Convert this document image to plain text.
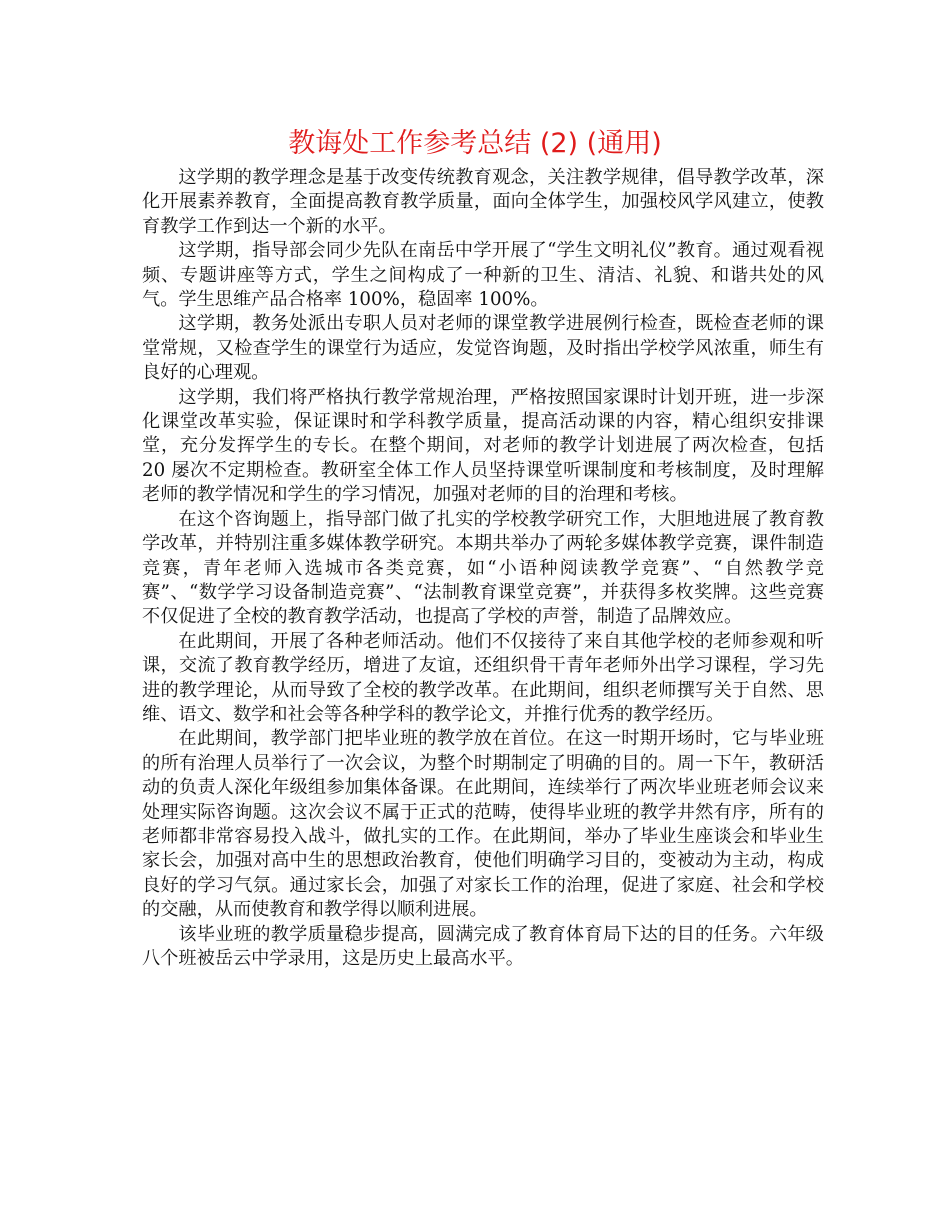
教诲处工作参考总结 (2) (通用)

这学期的教学理念是基于改变传统教育观念，关注教学规律，倡导教学改革，深化开展素养教育，全面提高教育教学质量，面向全体学生，加强校风学风建立，使教育教学工作到达一个新的水平。

这学期，指导部会同少先队在南岳中学开展了“学生文明礼仪”教育。通过观看视频、专题讲座等方式，学生之间构成了一种新的卫生、清洁、礼貌、和谐共处的风气。学生思维产品合格率 100%，稳固率 100%。

这学期，教务处派出专职人员对老师的课堂教学进展例行检查，既检查老师的课堂常规，又检查学生的课堂行为适应，发觉咨询题，及时指出学校学风浓重，师生有良好的心理观。

这学期，我们将严格执行教学常规治理，严格按照国家课时计划开班，进一步深化课堂改革实验，保证课时和学科教学质量，提高活动课的内容，精心组织安排课堂，充分发挥学生的专长。在整个期间，对老师的教学计划进展了两次检查，包括 20 屡次不定期检查。教研室全体工作人员坚持课堂听课制度和考核制度，及时理解老师的教学情况和学生的学习情况，加强对老师的目的治理和考核。

在这个咨询题上，指导部门做了扎实的学校教学研究工作，大胆地进展了教育教学改革，并特别注重多媒体教学研究。本期共举办了两轮多媒体教学竞赛，课件制造竞赛，青年老师入选城市各类竞赛，如“小语种阅读教学竞赛”、“自然教学竞赛”、“数学学习设备制造竞赛”、“法制教育课堂竞赛”，并获得多枚奖牌。这些竞赛不仅促进了全校的教育教学活动，也提高了学校的声誉，制造了品牌效应。

在此期间，开展了各种老师活动。他们不仅接待了来自其他学校的老师参观和听课，交流了教育教学经历，增进了友谊，还组织骨干青年老师外出学习课程，学习先进的教学理论，从而导致了全校的教学改革。在此期间，组织老师撰写关于自然、思维、语文、数学和社会等各种学科的教学论文，并推行优秀的教学经历。

在此期间，教学部门把毕业班的教学放在首位。在这一时期开场时，它与毕业班的所有治理人员举行了一次会议，为整个时期制定了明确的目的。周一下午，教研活动的负责人深化年级组参加集体备课。在此期间，连续举行了两次毕业班老师会议来处理实际咨询题。这次会议不属于正式的范畴，使得毕业班的教学井然有序，所有的老师都非常容易投入战斗，做扎实的工作。在此期间，举办了毕业生座谈会和毕业生家长会，加强对高中生的思想政治教育，使他们明确学习目的，变被动为主动，构成良好的学习气氛。通过家长会，加强了对家长工作的治理，促进了家庭、社会和学校的交融，从而使教育和教学得以顺利进展。

该毕业班的教学质量稳步提高，圆满完成了教育体育局下达的目的任务。六年级八个班被岳云中学录用，这是历史上最高水平。
